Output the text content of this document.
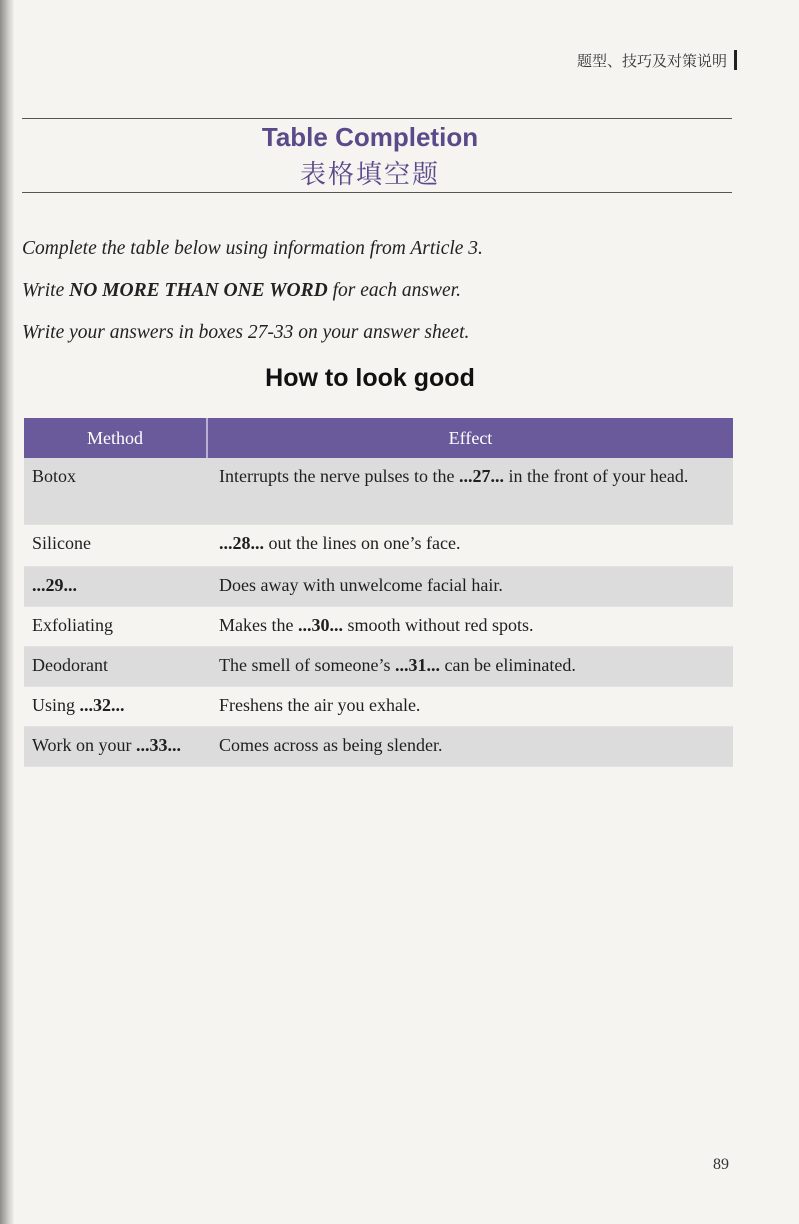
题型、技巧及对策说明
Table Completion
表格填空题
Complete the table below using information from Article 3.
Write NO MORE THAN ONE WORD for each answer.
Write your answers in boxes 27-33 on your answer sheet.
How to look good
Method	Effect
Botox	Interrupts the nerve pulses to the ...27... in the front of your head.
Silicone	...28... out the lines on one’s face.
...29...	Does away with unwelcome facial hair.
Exfoliating	Makes the ...30... smooth without red spots.
Deodorant	The smell of someone’s ...31... can be eliminated.
Using ...32...	Freshens the air you exhale.
Work on your ...33...	Comes across as being slender.
89
